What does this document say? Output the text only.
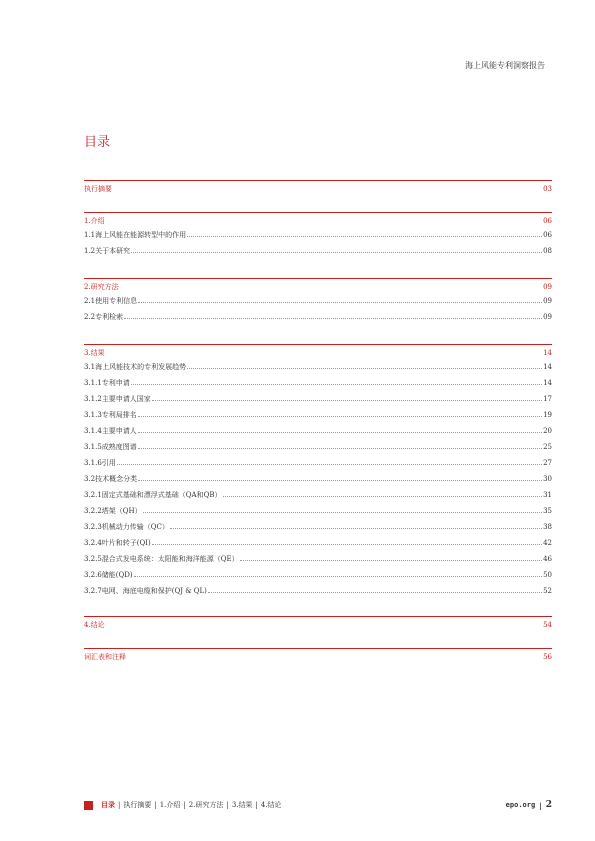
海上风能专利洞察报告
目录
执行摘要	03
1.介绍	06
1.1海上风能在能源转型中的作用	06
1.2关于本研究	08
2.研究方法	09
2.1使用专利信息	09
2.2专利检索	09
3.结果	14
3.1海上风能技术的专利发展趋势	14
3.1.1专利申请	14
3.1.2主要申请人国家	17
3.1.3专利局排名	19
3.1.4主要申请人	20
3.1.5成熟度图谱	25
3.1.6引用	27
3.2技术概念分类	30
3.2.1固定式基础和漂浮式基础（QA和QB）	31
3.2.2塔架（QH）	35
3.2.3机械动力传输（QC）	38
3.2.4叶片和转子(QI)	42
3.2.5混合式发电系统：太阳能和海洋能源（QE）	46
3.2.6储能(QD)	50
3.2.7电网、海底电缆和保护(QJ & QL)	52
4.结论	54
词汇表和注释	56
目录 | 执行摘要 | 1.介绍 | 2.研究方法 | 3.结果 | 4.结论	epo.org | 2
